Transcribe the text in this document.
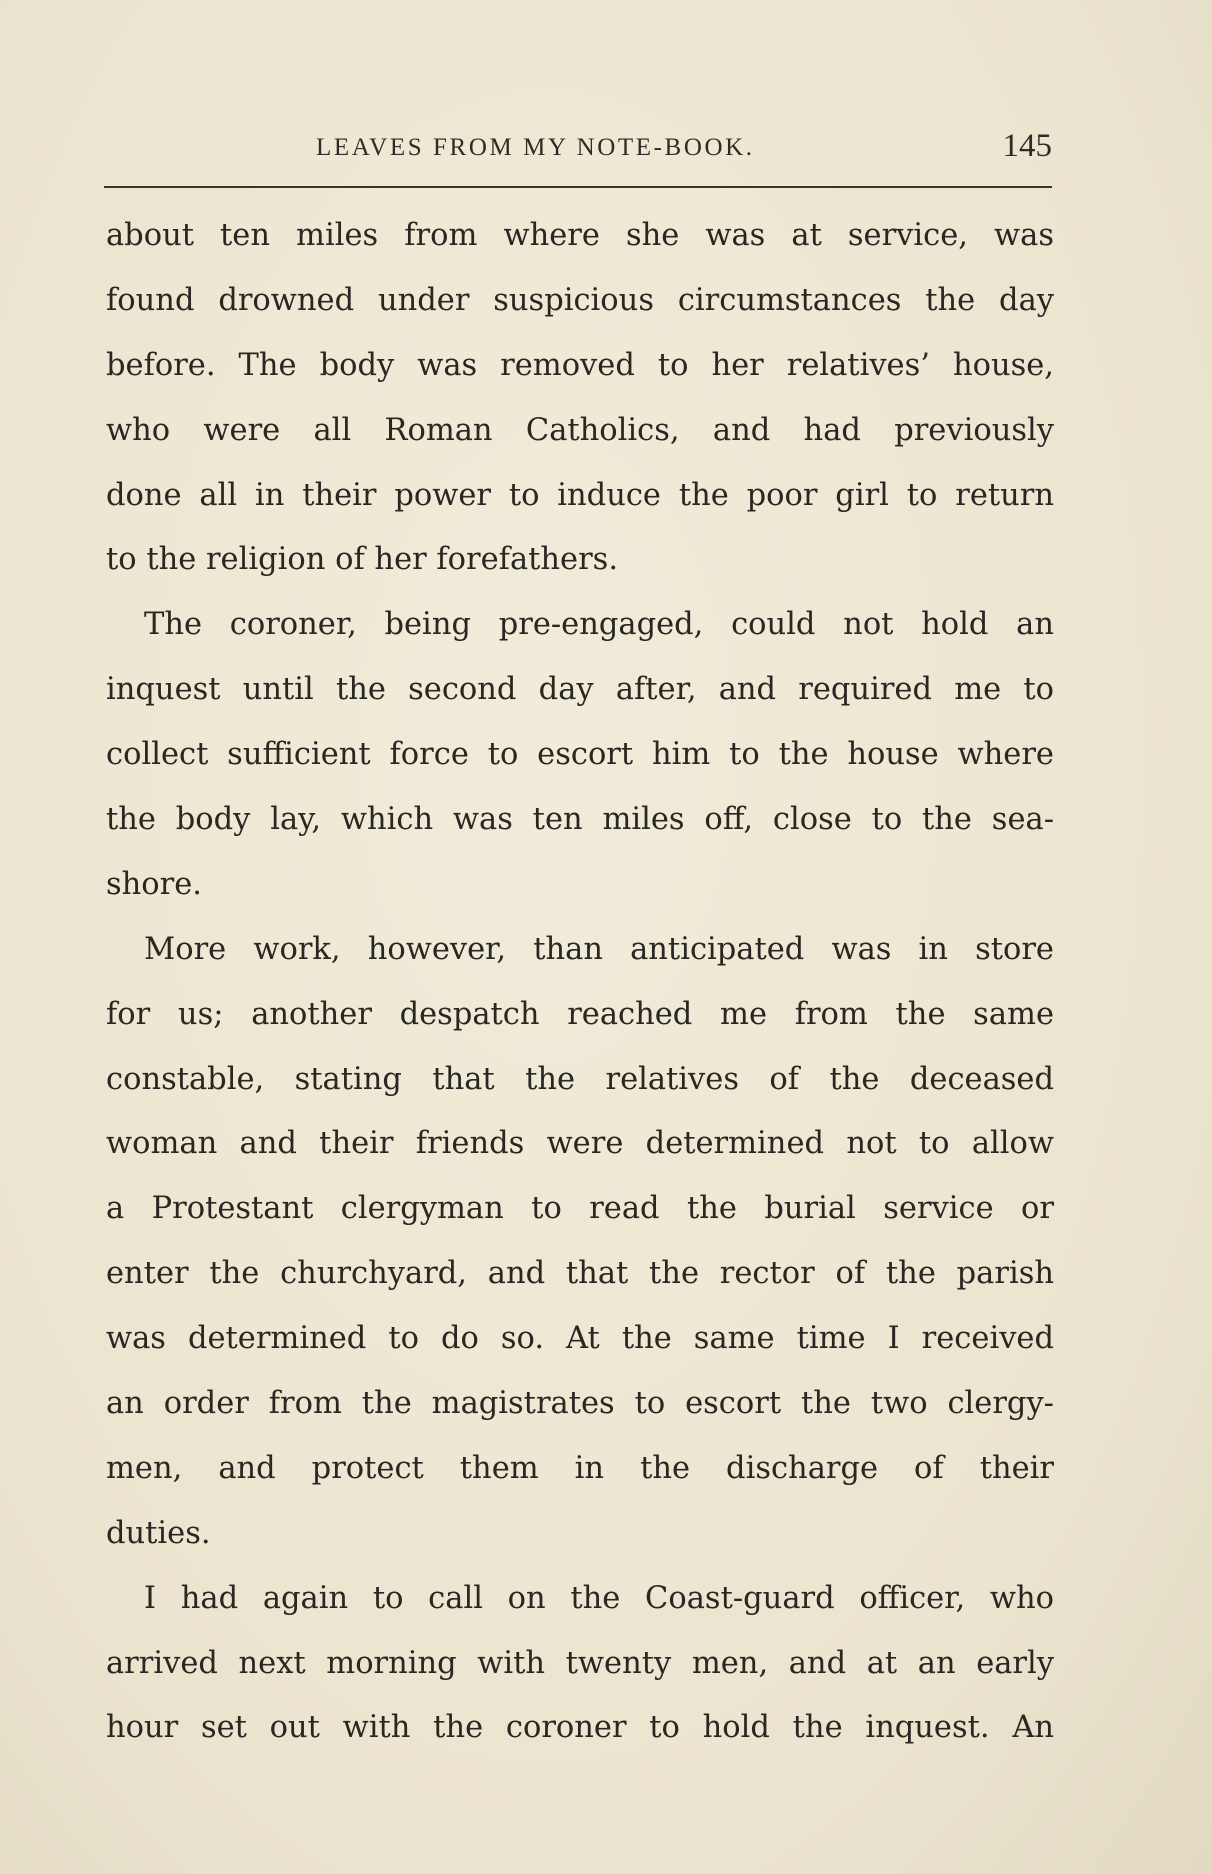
LEAVES FROM MY NOTE-BOOK.	145
about ten miles from where she was at service, was
found drowned under suspicious circumstances the day
before. The body was removed to her relatives’ house,
who were all Roman Catholics, and had previously
done all in their power to induce the poor girl to return
to the religion of her forefathers.
The coroner, being pre-engaged, could not hold an
inquest until the second day after, and required me to
collect sufficient force to escort him to the house where
the body lay, which was ten miles off, close to the sea-
shore.
More work, however, than anticipated was in store
for us; another despatch reached me from the same
constable, stating that the relatives of the deceased
woman and their friends were determined not to allow
a Protestant clergyman to read the burial service or
enter the churchyard, and that the rector of the parish
was determined to do so. At the same time I received
an order from the magistrates to escort the two clergy-
men, and protect them in the discharge of their
duties.
I had again to call on the Coast-guard officer, who
arrived next morning with twenty men, and at an early
hour set out with the coroner to hold the inquest. An
